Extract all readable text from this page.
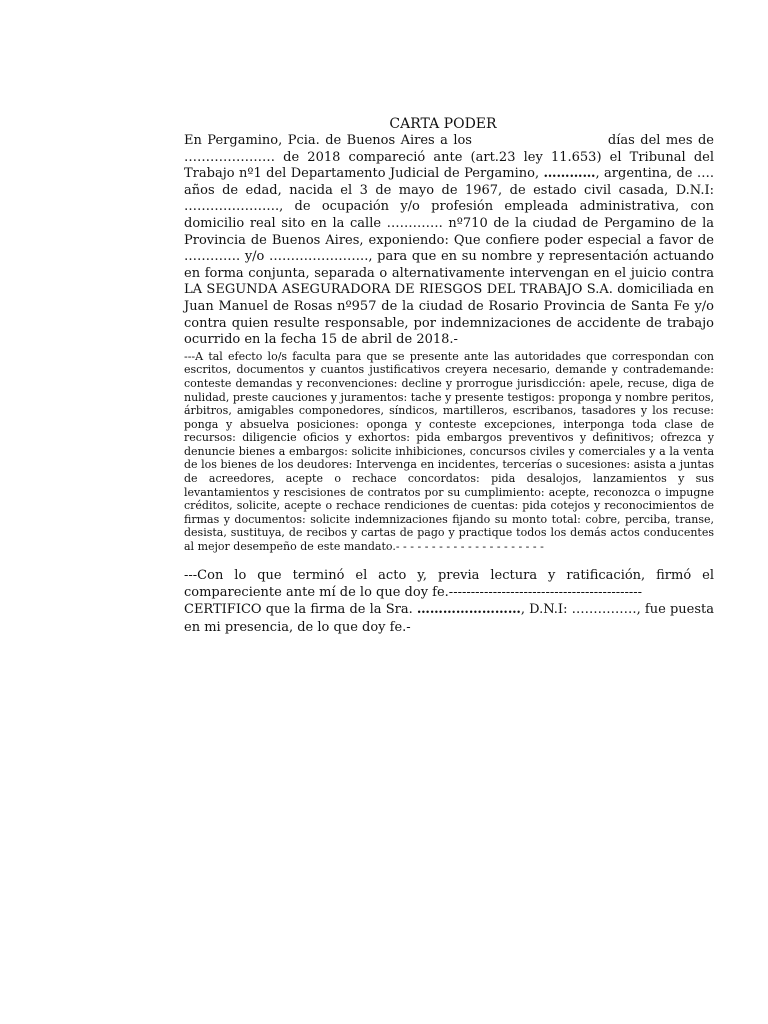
CARTA PODER

En Pergamino, Pcia. de Buenos Aires a los                         días del mes de ………………… de 2018 compareció ante (art.23 ley 11.653) el Tribunal del Trabajo nº1 del Departamento Judicial de Pergamino, …………, argentina, de …. años de edad, nacida el 3 de mayo de 1967, de estado civil casada, D.N.I: …………………., de ocupación y/o profesión empleada administrativa, con domicilio real sito en la calle …………. nº710 de la ciudad de Pergamino de la Provincia de Buenos Aires, exponiendo: Que confiere poder especial a favor de …………. y/o ………………….., para que en su nombre y representación actuando en forma conjunta, separada o alternativamente intervengan en el juicio contra LA SEGUNDA ASEGURADORA DE RIESGOS DEL TRABAJO S.A. domiciliada en Juan Manuel de Rosas nº957 de la ciudad de Rosario Provincia de Santa Fe y/o contra quien resulte responsable, por indemnizaciones de accidente de trabajo ocurrido en la fecha 15 de abril de 2018.-

---A tal efecto lo/s faculta para que se presente ante las autoridades que correspondan con escritos, documentos y cuantos justificativos creyera necesario, demande y contrademande: conteste demandas y reconvenciones: decline y prorrogue jurisdicción: apele, recuse, diga de nulidad, preste cauciones y juramentos: tache y presente testigos: proponga y nombre peritos, árbitros, amigables componedores, síndicos, martilleros, escribanos, tasadores y los recuse: ponga y absuelva posiciones: oponga y conteste excepciones, interponga toda clase de recursos: diligencie oficios y exhortos: pida embargos preventivos y definitivos; ofrezca y denuncie bienes a embargos: solicite inhibiciones, concursos civiles y comerciales y a la venta de los bienes de los deudores: Intervenga en incidentes, tercerías o sucesiones: asista a juntas de acreedores, acepte o rechace concordatos: pida desalojos, lanzamientos y sus levantamientos y rescisiones de contratos por su cumplimiento: acepte, reconozca o impugne créditos, solicite, acepte o rechace rendiciones de cuentas: pida cotejos y reconocimientos de firmas y documentos: solicite indemnizaciones fijando su monto total: cobre, perciba, transe, desista, sustituya, de recibos y cartas de pago y practique todos los demás actos conducentes al mejor desempeño de este mandato.- - - - - - - - - - - - - - - - - - - - -

---Con lo que terminó el acto y, previa lectura y ratificación, firmó el compareciente ante mí de lo que doy fe.--------------------------------------------

CERTIFICO que la firma de la Sra. ……………………, D.N.I: ……………, fue puesta en mi presencia, de lo que doy fe.-
